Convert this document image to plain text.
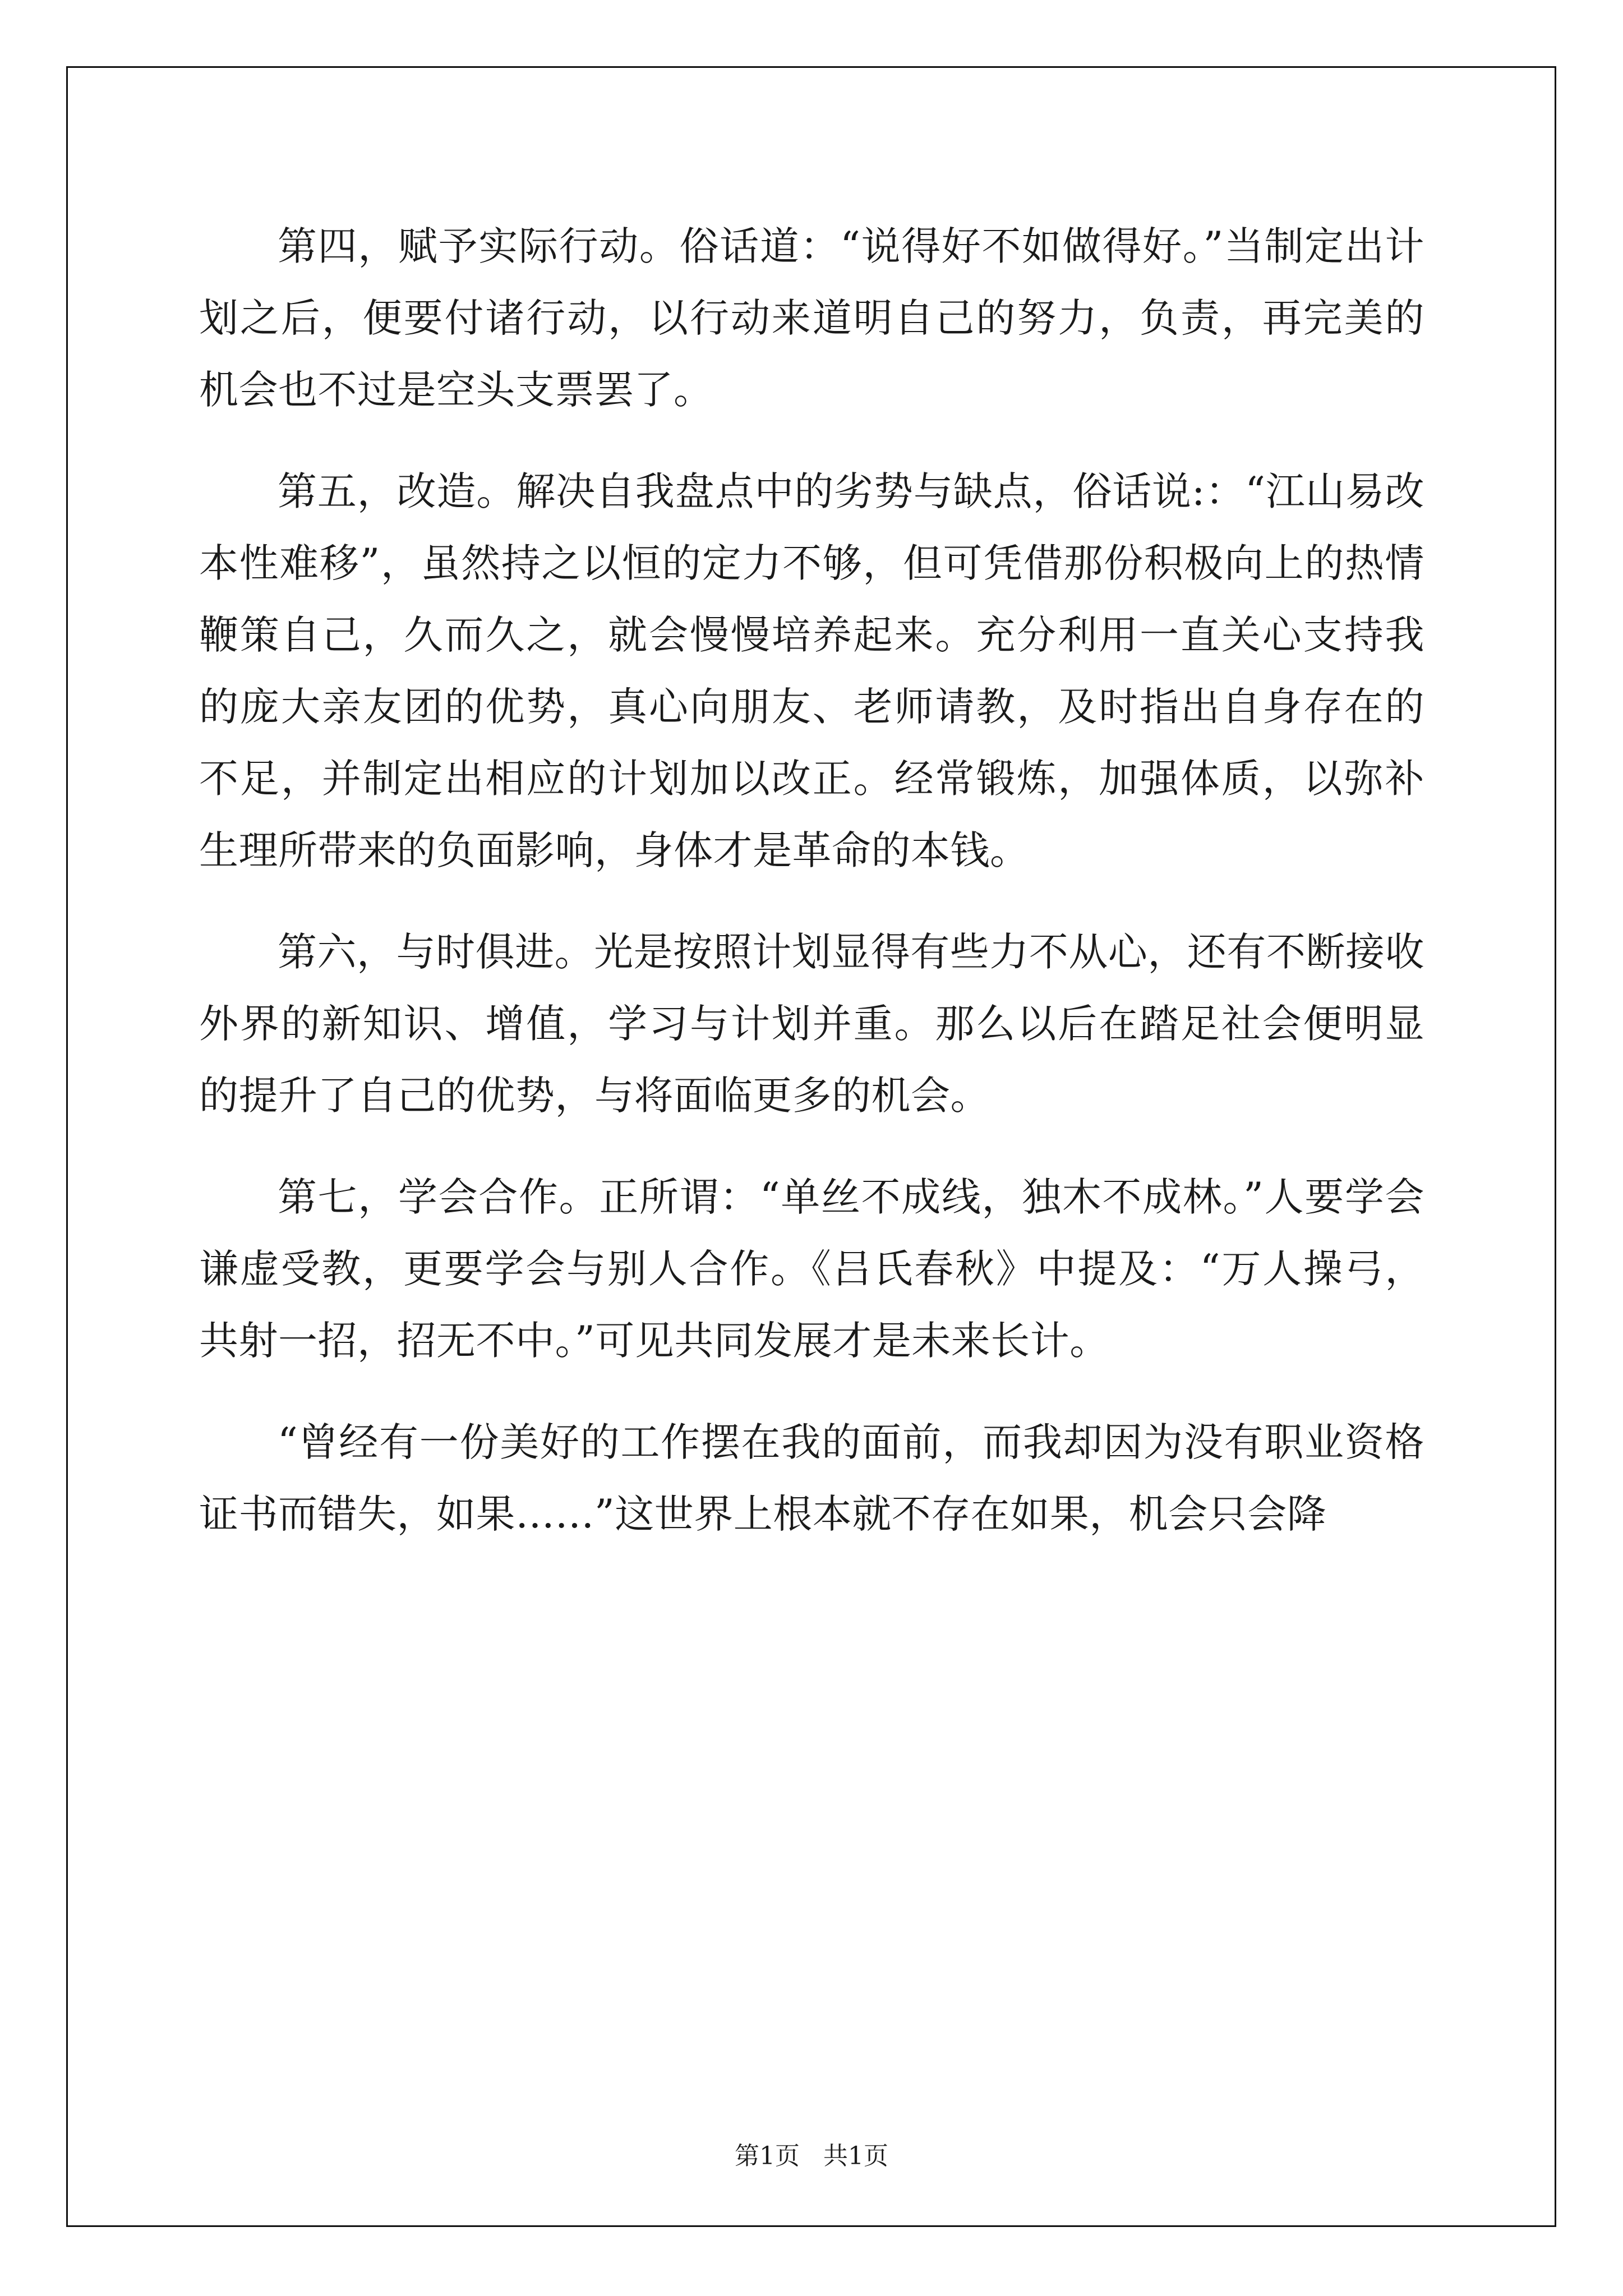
第四，赋予实际行动。俗话道：“说得好不如做得好。”当制定出计划之后，便要付诸行动，以行动来道明自己的努力，负责，再完美的机会也不过是空头支票罢了。

第五，改造。解决自我盘点中的劣势与缺点，俗话说:：“江山易改本性难移”，虽然持之以恒的定力不够，但可凭借那份积极向上的热情鞭策自己，久而久之，就会慢慢培养起来。充分利用一直关心支持我的庞大亲友团的优势，真心向朋友、老师请教，及时指出自身存在的不足，并制定出相应的计划加以改正。经常锻炼，加强体质，以弥补生理所带来的负面影响，身体才是革命的本钱。

第六，与时俱进。光是按照计划显得有些力不从心，还有不断接收外界的新知识、增值，学习与计划并重。那么以后在踏足社会便明显的提升了自己的优势，与将面临更多的机会。

第七，学会合作。正所谓：“单丝不成线，独木不成林。”人要学会谦虚受教，更要学会与别人合作。《吕氏春秋》中提及：“万人操弓，共射一招，招无不中。”可见共同发展才是未来长计。

“曾经有一份美好的工作摆在我的面前，而我却因为没有职业资格证书而错失，如果……”这世界上根本就不存在如果，机会只会降

第1页   共1页
